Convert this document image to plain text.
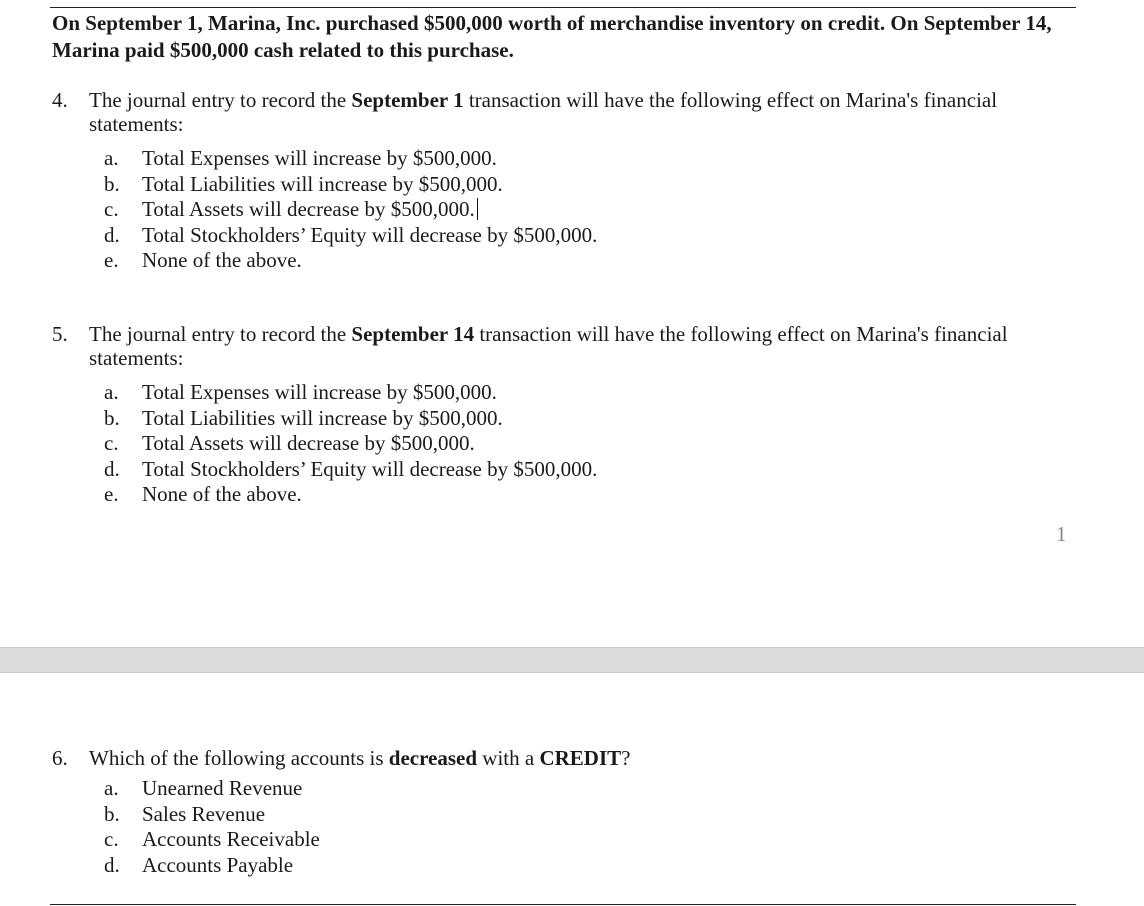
On September 1, Marina, Inc. purchased $500,000 worth of merchandise inventory on credit. On September 14, Marina paid $500,000 cash related to this purchase.

4. The journal entry to record the September 1 transaction will have the following effect on Marina's financial statements:
a. Total Expenses will increase by $500,000.
b. Total Liabilities will increase by $500,000.
c. Total Assets will decrease by $500,000.
d. Total Stockholders’ Equity will decrease by $500,000.
e. None of the above.
5. The journal entry to record the September 14 transaction will have the following effect on Marina's financial statements:
a. Total Expenses will increase by $500,000.
b. Total Liabilities will increase by $500,000.
c. Total Assets will decrease by $500,000.
d. Total Stockholders’ Equity will decrease by $500,000.
e. None of the above.
1
6. Which of the following accounts is decreased with a CREDIT?
a. Unearned Revenue
b. Sales Revenue
c. Accounts Receivable
d. Accounts Payable
